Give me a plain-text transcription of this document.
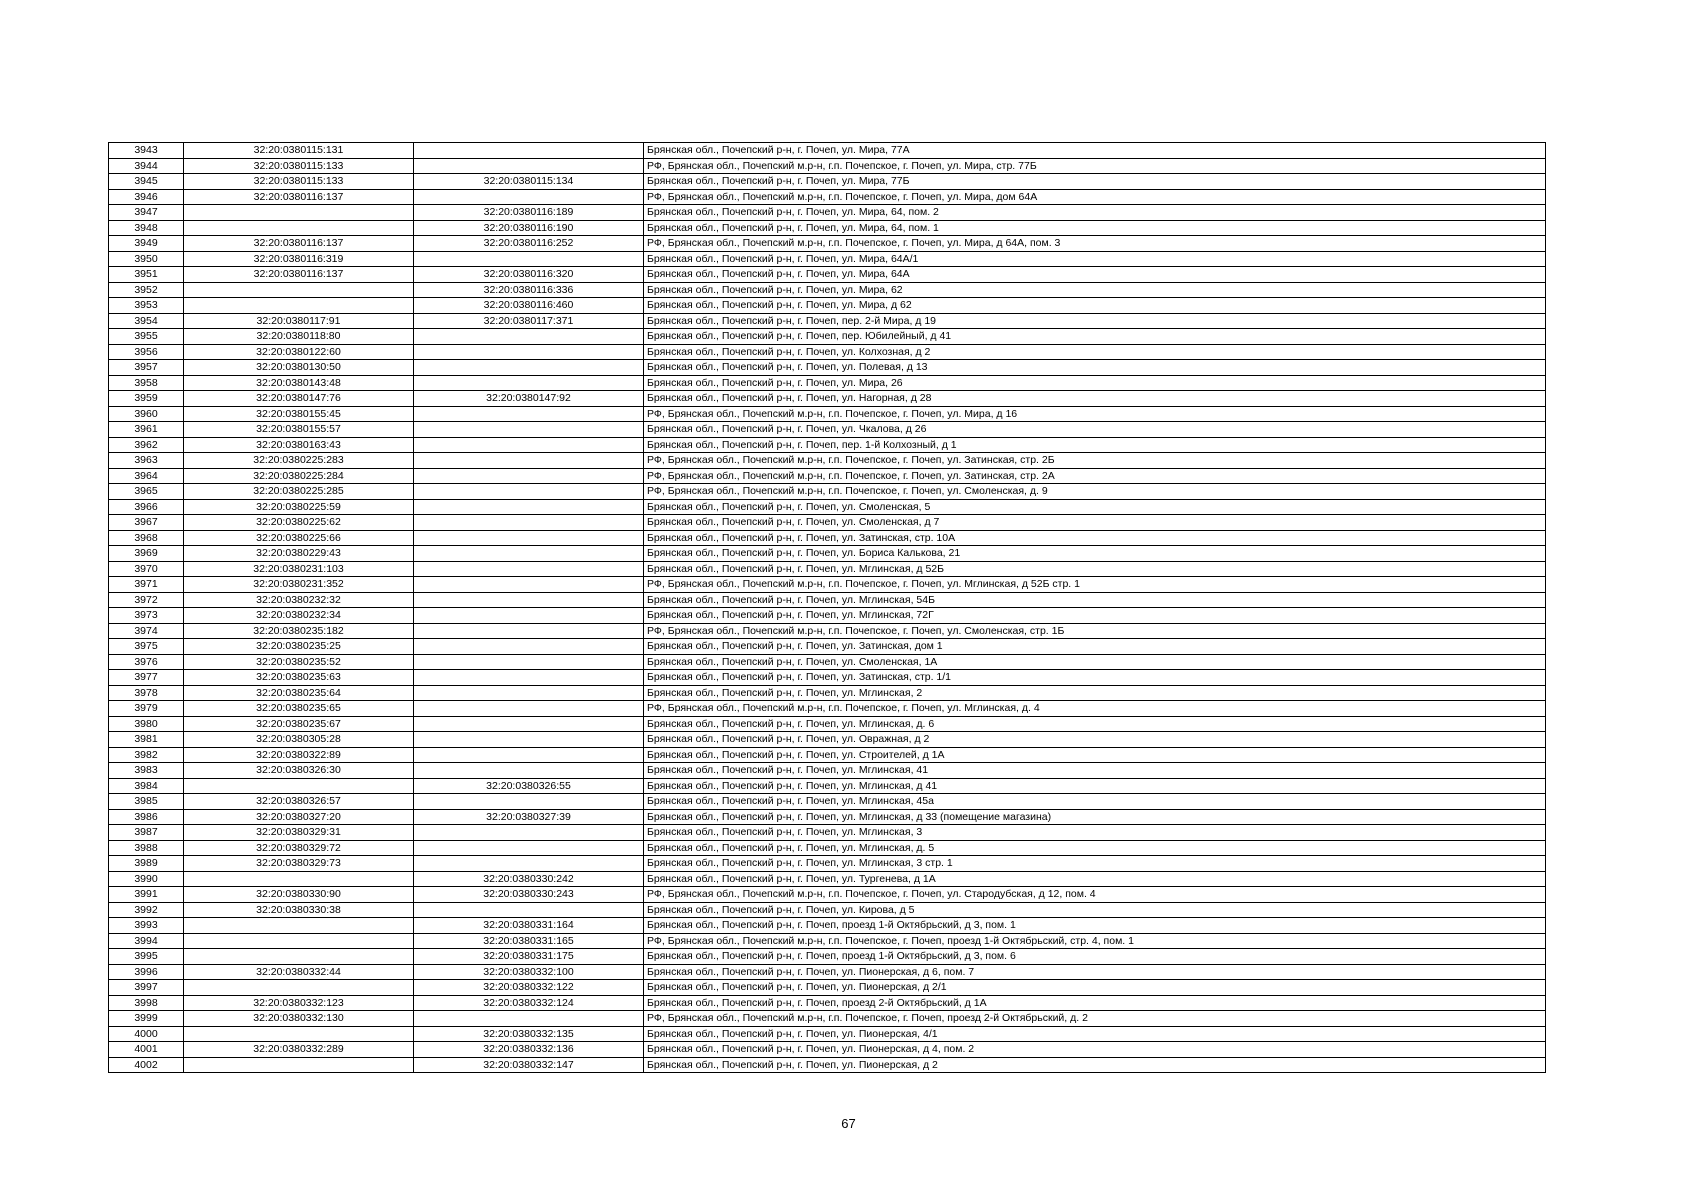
3943	32:20:0380115:131		Брянская обл., Почепский р-н, г. Почеп, ул. Мира, 77А
3944	32:20:0380115:133		РФ, Брянская обл., Почепский м.р-н, г.п. Почепское, г. Почеп, ул. Мира, стр. 77Б
3945	32:20:0380115:133	32:20:0380115:134	Брянская обл., Почепский р-н, г. Почеп, ул. Мира, 77Б
3946	32:20:0380116:137		РФ, Брянская обл., Почепский м.р-н, г.п. Почепское, г. Почеп, ул. Мира, дом 64А
3947		32:20:0380116:189	Брянская обл., Почепский р-н, г. Почеп, ул. Мира, 64, пом. 2
3948		32:20:0380116:190	Брянская обл., Почепский р-н, г. Почеп, ул. Мира, 64, пом. 1
3949	32:20:0380116:137	32:20:0380116:252	РФ, Брянская обл., Почепский м.р-н, г.п. Почепское, г. Почеп, ул. Мира, д 64А, пом. 3
3950	32:20:0380116:319		Брянская обл., Почепский р-н, г. Почеп, ул. Мира, 64А/1
3951	32:20:0380116:137	32:20:0380116:320	Брянская обл., Почепский р-н, г. Почеп, ул. Мира, 64А
3952		32:20:0380116:336	Брянская обл., Почепский р-н, г. Почеп, ул. Мира, 62
3953		32:20:0380116:460	Брянская обл., Почепский р-н, г. Почеп, ул. Мира, д 62
3954	32:20:0380117:91	32:20:0380117:371	Брянская обл., Почепский р-н, г. Почеп, пер. 2-й Мира, д 19
3955	32:20:0380118:80		Брянская обл., Почепский р-н, г. Почеп, пер. Юбилейный, д 41
3956	32:20:0380122:60		Брянская обл., Почепский р-н, г. Почеп, ул. Колхозная, д 2
3957	32:20:0380130:50		Брянская обл., Почепский р-н, г. Почеп, ул. Полевая, д 13
3958	32:20:0380143:48		Брянская обл., Почепский р-н, г. Почеп, ул. Мира, 26
3959	32:20:0380147:76	32:20:0380147:92	Брянская обл., Почепский р-н, г. Почеп, ул. Нагорная, д 28
3960	32:20:0380155:45		РФ, Брянская обл., Почепский м.р-н, г.п. Почепское, г. Почеп, ул. Мира, д 16
3961	32:20:0380155:57		Брянская обл., Почепский р-н, г. Почеп, ул. Чкалова, д 26
3962	32:20:0380163:43		Брянская обл., Почепский р-н, г. Почеп, пер. 1-й Колхозный, д 1
3963	32:20:0380225:283		РФ, Брянская обл., Почепский м.р-н, г.п. Почепское, г. Почеп, ул. Затинская, стр. 2Б
3964	32:20:0380225:284		РФ, Брянская обл., Почепский м.р-н, г.п. Почепское, г. Почеп, ул. Затинская, стр. 2А
3965	32:20:0380225:285		РФ, Брянская обл., Почепский м.р-н, г.п. Почепское, г. Почеп, ул. Смоленская, д. 9
3966	32:20:0380225:59		Брянская обл., Почепский р-н, г. Почеп, ул. Смоленская, 5
3967	32:20:0380225:62		Брянская обл., Почепский р-н, г. Почеп, ул. Смоленская, д 7
3968	32:20:0380225:66		Брянская обл., Почепский р-н, г. Почеп, ул. Затинская, стр. 10А
3969	32:20:0380229:43		Брянская обл., Почепский р-н, г. Почеп, ул. Бориса Калькова, 21
3970	32:20:0380231:103		Брянская обл., Почепский р-н, г. Почеп, ул. Мглинская, д 52Б
3971	32:20:0380231:352		РФ, Брянская обл., Почепский м.р-н, г.п. Почепское, г. Почеп, ул. Мглинская, д 52Б стр. 1
3972	32:20:0380232:32		Брянская обл., Почепский р-н, г. Почеп, ул. Мглинская, 54Б
3973	32:20:0380232:34		Брянская обл., Почепский р-н, г. Почеп, ул. Мглинская, 72Г
3974	32:20:0380235:182		РФ, Брянская обл., Почепский м.р-н, г.п. Почепское, г. Почеп, ул. Смоленская, стр. 1Б
3975	32:20:0380235:25		Брянская обл., Почепский р-н, г. Почеп, ул. Затинская, дом 1
3976	32:20:0380235:52		Брянская обл., Почепский р-н, г. Почеп, ул. Смоленская, 1А
3977	32:20:0380235:63		Брянская обл., Почепский р-н, г. Почеп, ул. Затинская, стр. 1/1
3978	32:20:0380235:64		Брянская обл., Почепский р-н, г. Почеп, ул. Мглинская, 2
3979	32:20:0380235:65		РФ, Брянская обл., Почепский м.р-н, г.п. Почепское, г. Почеп, ул. Мглинская, д. 4
3980	32:20:0380235:67		Брянская обл., Почепский р-н, г. Почеп, ул. Мглинская, д. 6
3981	32:20:0380305:28		Брянская обл., Почепский р-н, г. Почеп, ул. Овражная, д 2
3982	32:20:0380322:89		Брянская обл., Почепский р-н, г. Почеп, ул. Строителей, д 1А
3983	32:20:0380326:30		Брянская обл., Почепский р-н, г. Почеп, ул. Мглинская, 41
3984		32:20:0380326:55	Брянская обл., Почепский р-н, г. Почеп, ул. Мглинская, д 41
3985	32:20:0380326:57		Брянская обл., Почепский р-н, г. Почеп, ул. Мглинская, 45а
3986	32:20:0380327:20	32:20:0380327:39	Брянская обл., Почепский р-н, г. Почеп, ул. Мглинская, д 33 (помещение магазина)
3987	32:20:0380329:31		Брянская обл., Почепский р-н, г. Почеп, ул. Мглинская, 3
3988	32:20:0380329:72		Брянская обл., Почепский р-н, г. Почеп, ул. Мглинская, д. 5
3989	32:20:0380329:73		Брянская обл., Почепский р-н, г. Почеп, ул. Мглинская, 3 стр. 1
3990		32:20:0380330:242	Брянская обл., Почепский р-н, г. Почеп, ул. Тургенева, д 1А
3991	32:20:0380330:90	32:20:0380330:243	РФ, Брянская обл., Почепский м.р-н, г.п. Почепское, г. Почеп, ул. Стародубская, д 12, пом. 4
3992	32:20:0380330:38		Брянская обл., Почепский р-н, г. Почеп, ул. Кирова, д 5
3993		32:20:0380331:164	Брянская обл., Почепский р-н, г. Почеп, проезд 1-й Октябрьский, д 3, пом. 1
3994		32:20:0380331:165	РФ, Брянская обл., Почепский м.р-н, г.п. Почепское, г. Почеп, проезд 1-й Октябрьский, стр. 4, пом. 1
3995		32:20:0380331:175	Брянская обл., Почепский р-н, г. Почеп, проезд 1-й Октябрьский, д 3, пом. 6
3996	32:20:0380332:44	32:20:0380332:100	Брянская обл., Почепский р-н, г. Почеп, ул. Пионерская, д 6, пом. 7
3997		32:20:0380332:122	Брянская обл., Почепский р-н, г. Почеп, ул. Пионерская, д 2/1
3998	32:20:0380332:123	32:20:0380332:124	Брянская обл., Почепский р-н, г. Почеп, проезд 2-й Октябрьский, д 1А
3999	32:20:0380332:130		РФ, Брянская обл., Почепский м.р-н, г.п. Почепское, г. Почеп, проезд 2-й Октябрьский, д. 2
4000		32:20:0380332:135	Брянская обл., Почепский р-н, г. Почеп, ул. Пионерская, 4/1
4001	32:20:0380332:289	32:20:0380332:136	Брянская обл., Почепский р-н, г. Почеп, ул. Пионерская, д 4, пом. 2
4002		32:20:0380332:147	Брянская обл., Почепский р-н, г. Почеп, ул. Пионерская, д 2
67
